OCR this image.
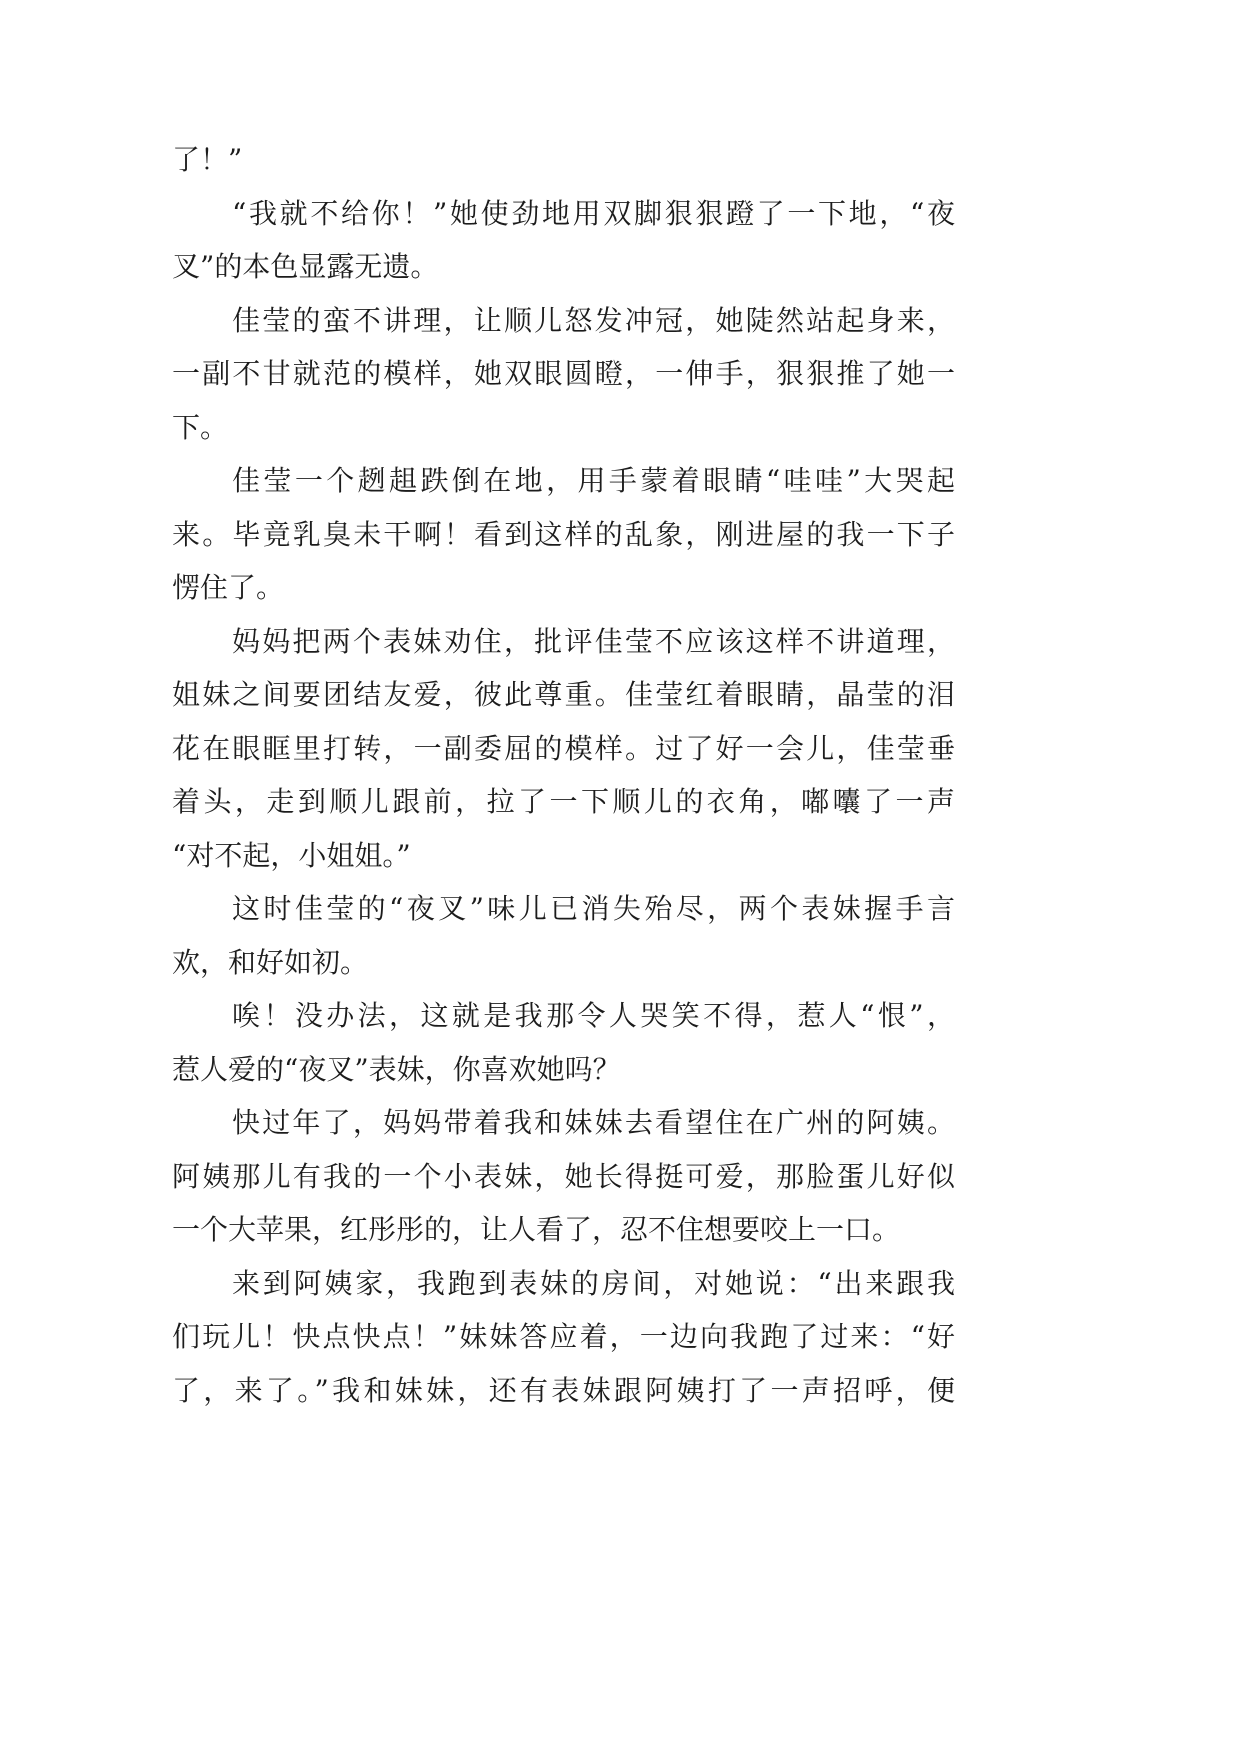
了！”
“我就不给你！”她使劲地用双脚狠狠蹬了一下地，“夜
叉”的本色显露无遗。
佳莹的蛮不讲理，让顺儿怒发冲冠，她陡然站起身来，
一副不甘就范的模样，她双眼圆瞪，一伸手，狠狠推了她一
下。
佳莹一个趔趄跌倒在地，用手蒙着眼睛“哇哇”大哭起
来。毕竟乳臭未干啊！看到这样的乱象，刚进屋的我一下子
愣住了。
妈妈把两个表妹劝住，批评佳莹不应该这样不讲道理，
姐妹之间要团结友爱，彼此尊重。佳莹红着眼睛，晶莹的泪
花在眼眶里打转，一副委屈的模样。过了好一会儿，佳莹垂
着头，走到顺儿跟前，拉了一下顺儿的衣角，嘟囔了一声
“对不起，小姐姐。”
这时佳莹的“夜叉”味儿已消失殆尽，两个表妹握手言
欢，和好如初。
唉！没办法，这就是我那令人哭笑不得，惹人“恨”，
惹人爱的“夜叉”表妹，你喜欢她吗？
快过年了，妈妈带着我和妹妹去看望住在广州的阿姨。
阿姨那儿有我的一个小表妹，她长得挺可爱，那脸蛋儿好似
一个大苹果，红彤彤的，让人看了，忍不住想要咬上一口。
来到阿姨家，我跑到表妹的房间，对她说：“出来跟我
们玩儿！快点快点！”妹妹答应着，一边向我跑了过来：“好
了，来了。”我和妹妹，还有表妹跟阿姨打了一声招呼，便
